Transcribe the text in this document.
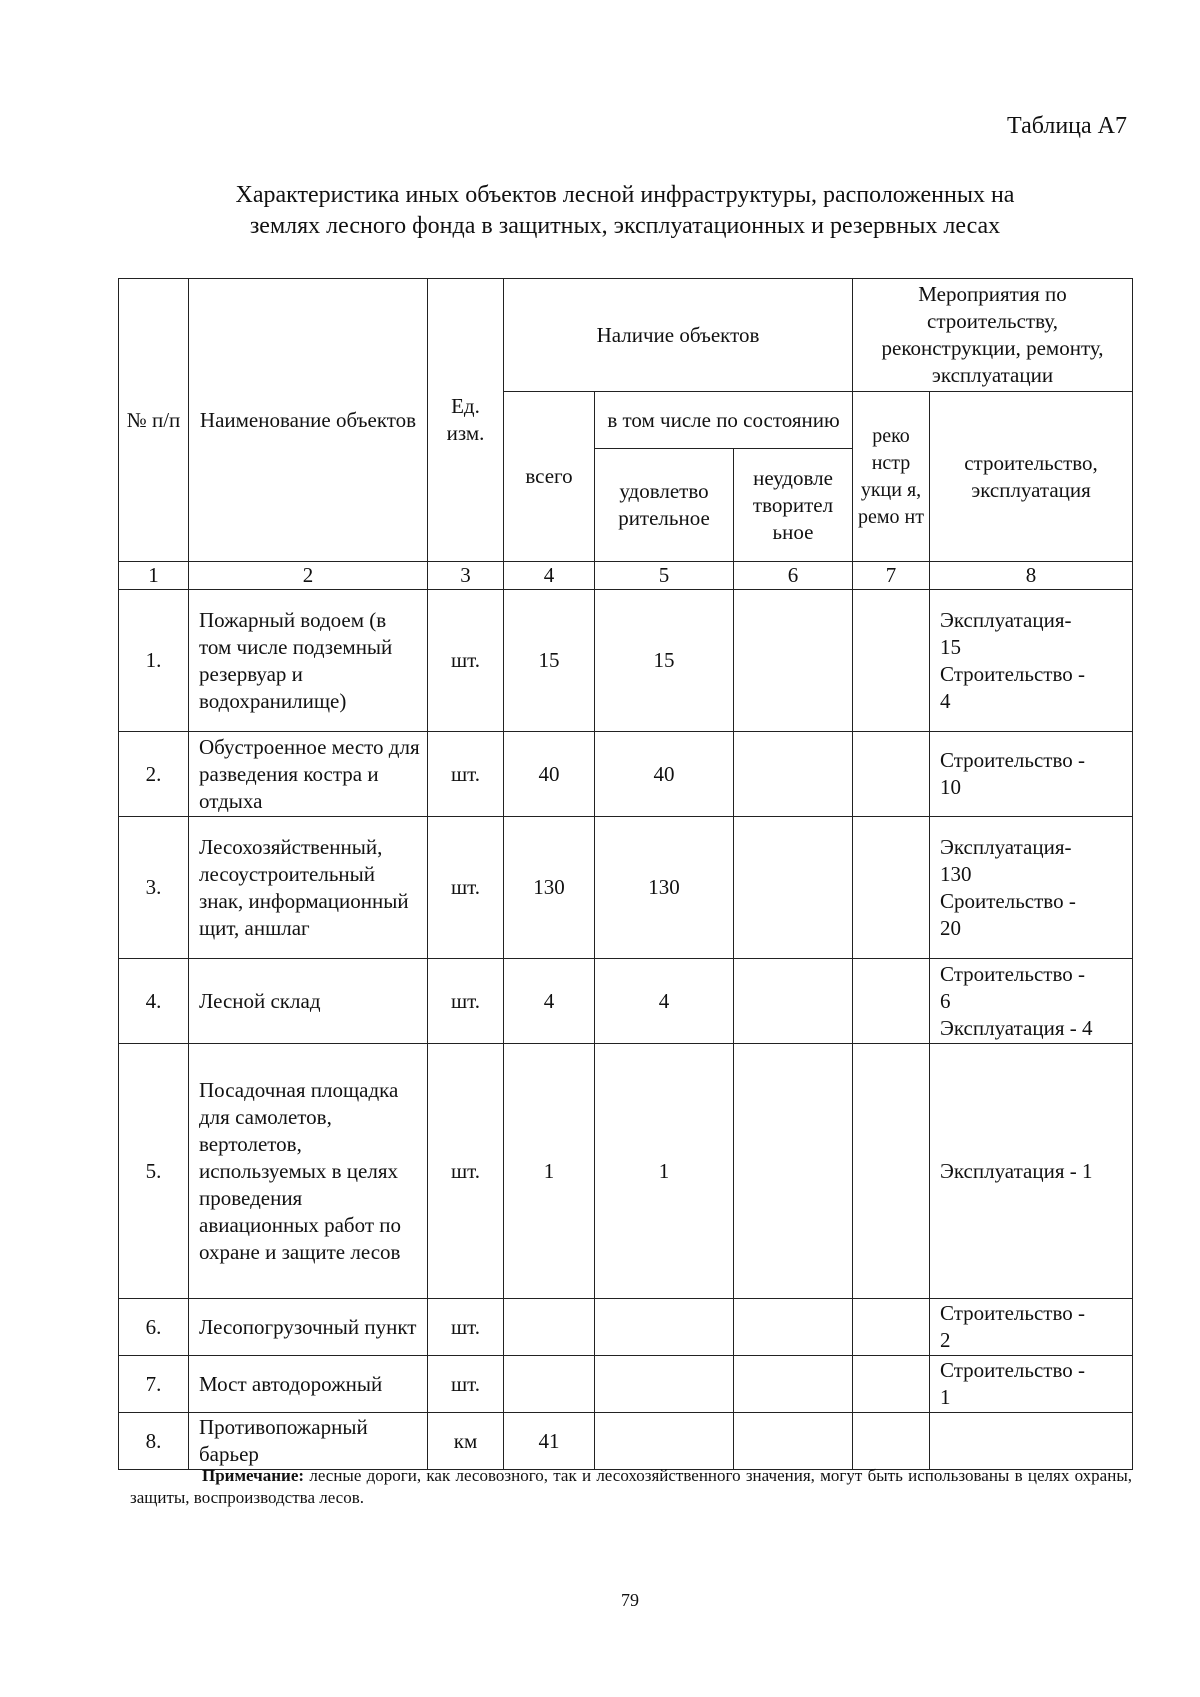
Таблица А7
Характеристика иных объектов лесной инфраструктуры, расположенных на
землях лесного фонда в защитных, эксплуатационных и резервных лесах
№ п/п	Наименование объектов	Ед. изм.	Наличие объектов			Мероприятия по строительству, реконструкции, ремонту, эксплуатации	
			всего	в том числе по состоянию		реко нстр укци я, ремо нт	строительство, эксплуатация
				удовлетво рительное	неудовле творител ьное		
1	2	3	4	5	6	7	8
1.	Пожарный водоем (в том числе подземный резервуар и водохранилище)	шт.	15	15			Эксплуатация-
15
Строительство -
4

2.	Обустроенное место для разведения костра и отдыха	шт.	40	40			Строительство -
10

3.	Лесохозяйственный, лесоустроительный знак, информационный щит, аншлаг	шт.	130	130			Эксплуатация-
130
Сроительство -
20

4.	Лесной склад	шт.	4	4			Строительство -
6
Эксплуатация - 4

5.	Посадочная площадка для самолетов, вертолетов, используемых в целях проведения авиационных работ по охране и защите лесов	шт.	1	1			Эксплуатация - 1

6.	Лесопогрузочный пункт	шт.					Строительство -
2

7.	Мост автодорожный	шт.					Строительство -
1

8.	Противопожарный барьер	км	41				
Примечание: лесные дороги, как лесовозного, так и лесохозяйственного значения, могут быть использованы в целях охраны, защиты, воспроизводства лесов.
79
